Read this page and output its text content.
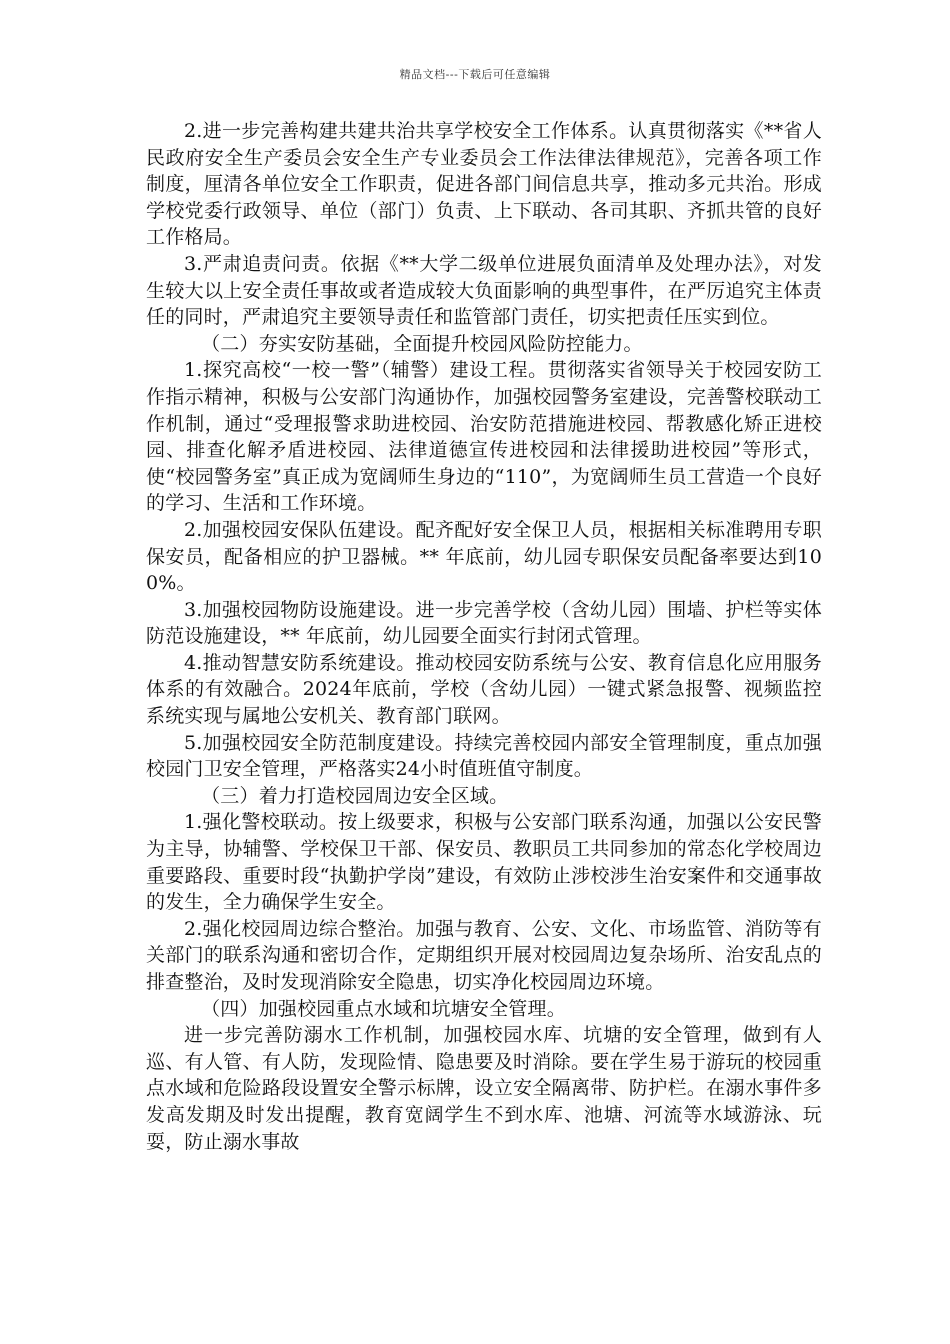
精品文档---下载后可任意编辑

2.进一步完善构建共建共治共享学校安全工作体系。认真贯彻落实《**省人民政府安全生产委员会安全生产专业委员会工作法律法律规范》，完善各项工作制度，厘清各单位安全工作职责，促进各部门间信息共享，推动多元共治。形成学校党委行政领导、单位（部门）负责、上下联动、各司其职、齐抓共管的良好工作格局。

3.严肃追责问责。依据《**大学二级单位进展负面清单及处理办法》，对发生较大以上安全责任事故或者造成较大负面影响的典型事件，在严厉追究主体责任的同时，严肃追究主要领导责任和监管部门责任，切实把责任压实到位。

（二）夯实安防基础，全面提升校园风险防控能力。

1.探究高校“一校一警”（辅警）建设工程。贯彻落实省领导关于校园安防工作指示精神，积极与公安部门沟通协作，加强校园警务室建设，完善警校联动工作机制，通过“受理报警求助进校园、治安防范措施进校园、帮教感化矫正进校园、排查化解矛盾进校园、法律道德宣传进校园和法律援助进校园”等形式，使“校园警务室”真正成为宽阔师生身边的“110”，为宽阔师生员工营造一个良好的学习、生活和工作环境。

2.加强校园安保队伍建设。配齐配好安全保卫人员，根据相关标准聘用专职保安员，配备相应的护卫器械。** 年底前，幼儿园专职保安员配备率要达到100%。

3.加强校园物防设施建设。进一步完善学校（含幼儿园）围墙、护栏等实体防范设施建设，** 年底前，幼儿园要全面实行封闭式管理。

4.推动智慧安防系统建设。推动校园安防系统与公安、教育信息化应用服务体系的有效融合。2024年底前，学校（含幼儿园）一键式紧急报警、视频监控系统实现与属地公安机关、教育部门联网。

5.加强校园安全防范制度建设。持续完善校园内部安全管理制度，重点加强校园门卫安全管理，严格落实24小时值班值守制度。

（三）着力打造校园周边安全区域。

1.强化警校联动。按上级要求，积极与公安部门联系沟通，加强以公安民警为主导，协辅警、学校保卫干部、保安员、教职员工共同参加的常态化学校周边重要路段、重要时段“执勤护学岗”建设，有效防止涉校涉生治安案件和交通事故的发生，全力确保学生安全。

2.强化校园周边综合整治。加强与教育、公安、文化、市场监管、消防等有关部门的联系沟通和密切合作，定期组织开展对校园周边复杂场所、治安乱点的排查整治，及时发现消除安全隐患，切实净化校园周边环境。

（四）加强校园重点水域和坑塘安全管理。

进一步完善防溺水工作机制，加强校园水库、坑塘的安全管理，做到有人巡、有人管、有人防，发现险情、隐患要及时消除。要在学生易于游玩的校园重点水域和危险路段设置安全警示标牌，设立安全隔离带、防护栏。在溺水事件多发高发期及时发出提醒，教育宽阔学生不到水库、池塘、河流等水域游泳、玩耍，防止溺水事故
